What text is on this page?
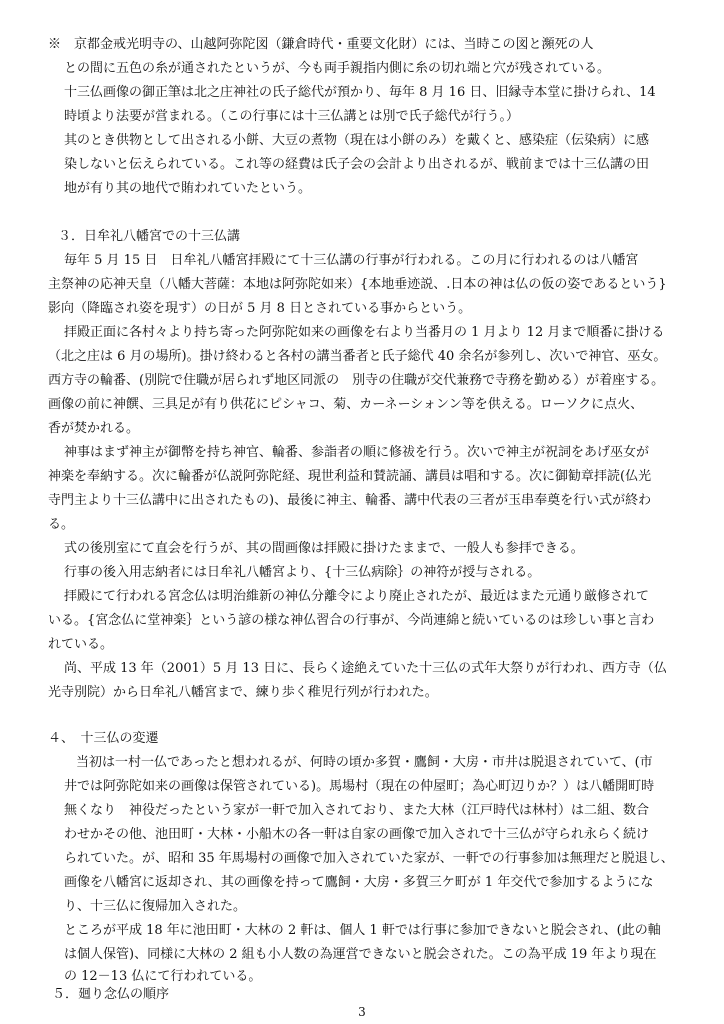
※　京都金戒光明寺の、山越阿弥陀図（鎌倉時代・重要文化財）には、当時この図と瀕死の人

との間に五色の糸が通されたというが、今も両手親指内側に糸の切れ端と穴が残されている。

十三仏画像の御正筆は北之庄神社の氏子総代が預かり、毎年 8 月 16 日、旧縁寺本堂に掛けられ、14

時頃より法要が営まれる。（この行事には十三仏講とは別で氏子総代が行う。）

其のとき供物として出される小餅、大豆の煮物（現在は小餅のみ）を戴くと、感染症（伝染病）に感

染しないと伝えられている。これ等の経費は氏子会の会計より出されるが、戦前までは十三仏講の田

地が有り其の地代で賄われていたという。

３．日牟礼八幡宮での十三仏講

毎年 5 月 15 日　日牟礼八幡宮拝殿にて十三仏講の行事が行われる。この月に行われるのは八幡宮

主祭神の応神天皇（八幡大菩薩：本地は阿弥陀如来）{本地垂迹説、.日本の神は仏の仮の姿であるという}

影向（降臨され姿を現す）の日が 5 月 8 日とされている事からという。

拝殿正面に各村々より持ち寄った阿弥陀如来の画像を右より当番月の 1 月より 12 月まで順番に掛ける

（北之庄は 6 月の場所)。掛け終わると各村の講当番者と氏子総代 40 余名が参列し、次いで神官、巫女。

西方寺の輪番、(別院で住職が居られず地区同派の　別寺の住職が交代兼務で寺務を勤める）が着座する。

画像の前に神饌、三具足が有り供花にピシャコ、菊、カーネーシォンン等を供える。ローソクに点火、

香が焚かれる。

神事はまず神主が御幣を持ち神官、輪番、参詣者の順に修祓を行う。次いで神主が祝詞をあげ巫女が

神楽を奉納する。次に輪番が仏説阿弥陀経、現世利益和賛読誦、講員は唱和する。次に御勧章拝読(仏光

寺門主より十三仏講中に出されたもの)、最後に神主、輪番、講中代表の三者が玉串奉奠を行い式が終わ

る。

式の後別室にて直会を行うが、其の間画像は拝殿に掛けたままで、一般人も参拝できる。

行事の後入用志納者には日牟礼八幡宮より、{十三仏病除｝の神符が授与される。

拝殿にて行われる宮念仏は明治維新の神仏分離令により廃止されたが、最近はまた元通り厳修されて

いる。{宮念仏に堂神楽｝という諺の様な神仏習合の行事が、今尚連綿と続いているのは珍しい事と言わ

れている。

尚、平成 13 年（2001）5 月 13 日に、長らく途絶えていた十三仏の式年大祭りが行われ、西方寺（仏

光寺別院）から日牟礼八幡宮まで、練り歩く稚児行列が行われた。

４、　十三仏の変遷

当初は一村一仏であったと想われるが、何時の頃か多賀・鷹飼・大房・市井は脱退されていて、(市

井では阿弥陀如来の画像は保管されている)。馬場村（現在の仲屋町；為心町辺りか？）は八幡開町時

無くなり　神役だったという家が一軒で加入されており、また大林（江戸時代は林村）は二組、数合

わせかその他、池田町・大林・小船木の各一軒は自家の画像で加入されで十三仏が守られ永らく続け

られていた。が、昭和 35 年馬場村の画像で加入されていた家が、一軒での行事参加は無理だと脱退し、

画像を八幡宮に返却され、其の画像を持って鷹飼・大房・多賀三ケ町が 1 年交代で参加するようにな

り、十三仏に復帰加入された。

ところが平成 18 年に池田町・大林の 2 軒は、個人 1 軒では行事に参加できないと脱会され、(此の軸

は個人保管)、同様に大林の 2 組も小人数の為運営できないと脱会された。この為平成 19 年より現在

の 12－13 仏にて行われている。

５．廻り念仏の順序

3
